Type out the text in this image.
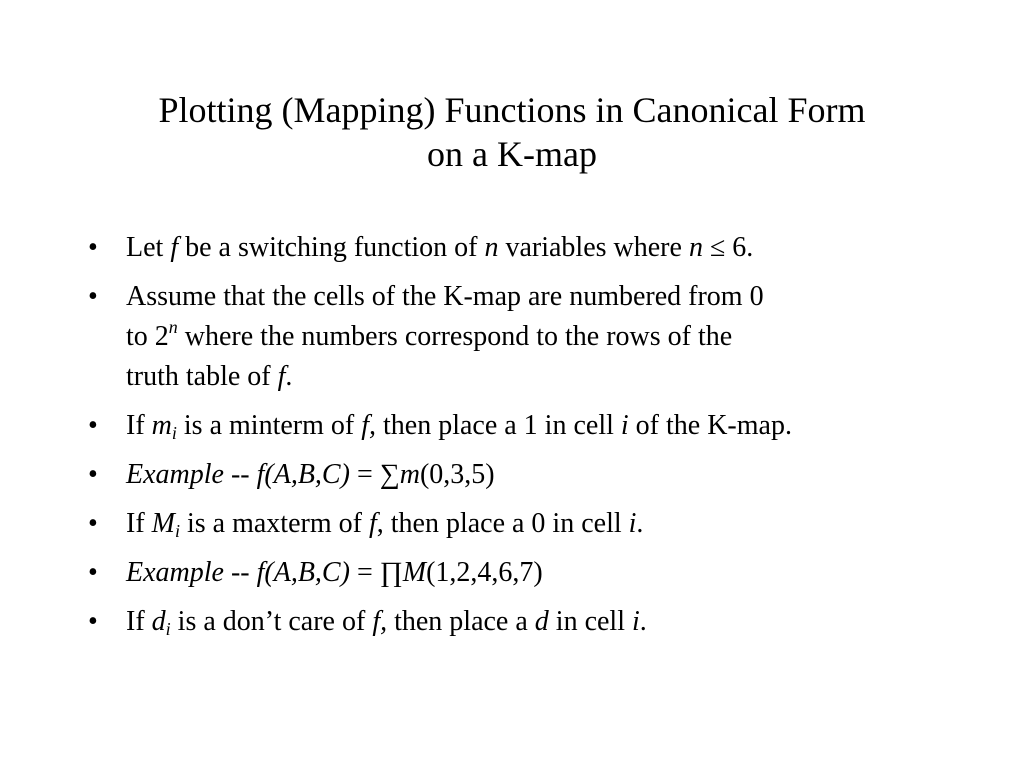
Plotting (Mapping) Functions in Canonical Form
on a K-map
• Let f be a switching function of n variables where n ≤ 6.
• Assume that the cells of the K-map are numbered from 0
to 2$^n$ where the numbers correspond to the rows of the
truth table of f.
• If $m_i$ is a minterm of f, then place a 1 in cell i of the K-map.
• Example -- f(A,B,C) = ∑m(0,3,5)
• If $M_i$ is a maxterm of f, then place a 0 in cell i.
• Example -- f(A,B,C) = ∏M(1,2,4,6,7)
• If $d_i$ is a don’t care of f, then place a d in cell i.
